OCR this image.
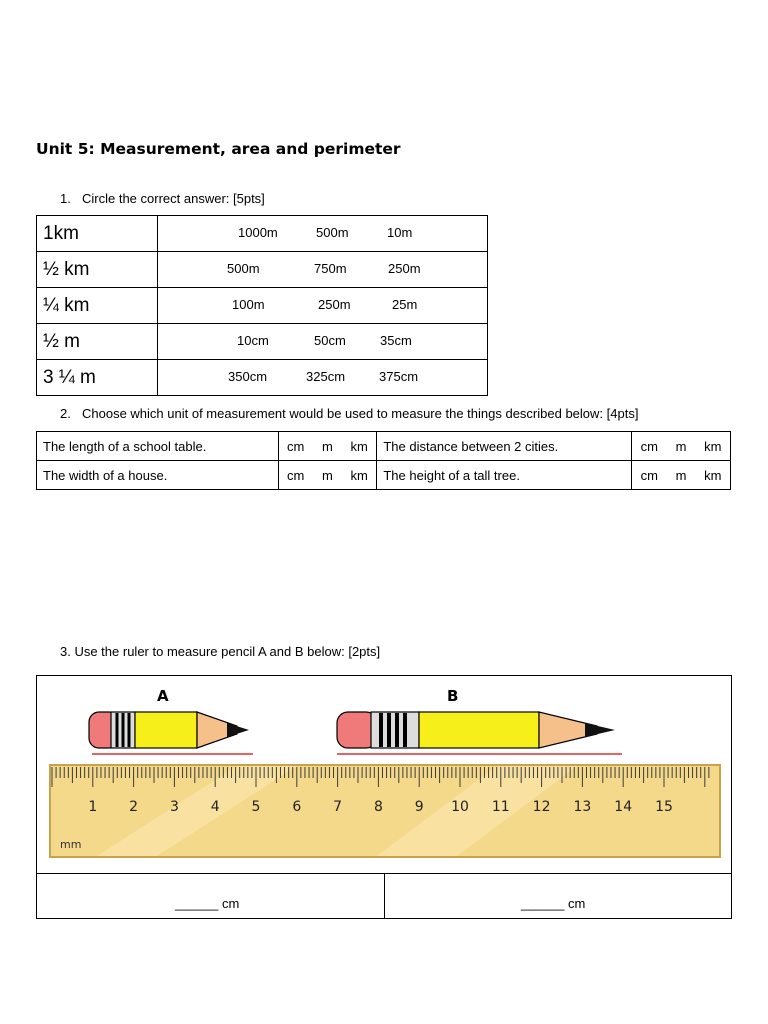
Unit 5: Measurement, area and perimeter
1. Circle the correct answer: [5pts]
1km	1000m 500m 10m

½ km	500m 750m 250m

¼ km	100m 250m 25m

½ m	10cm 50cm 35cm

3 ¼ m	350cm 325cm 375cm
2. Choose which unit of measurement would be used to measure the things described below: [4pts]
The length of a school table.	cm m km	The distance between 2 cities.	cm m km
The width of a house.	cm m km	The height of a tall tree.	cm m km
3. Use the ruler to measure pencil A and B below: [2pts]
A	B
1 2 3 4 5 6 7 8 9 10 11 12 13 14 15
mm
______ cm	______ cm
